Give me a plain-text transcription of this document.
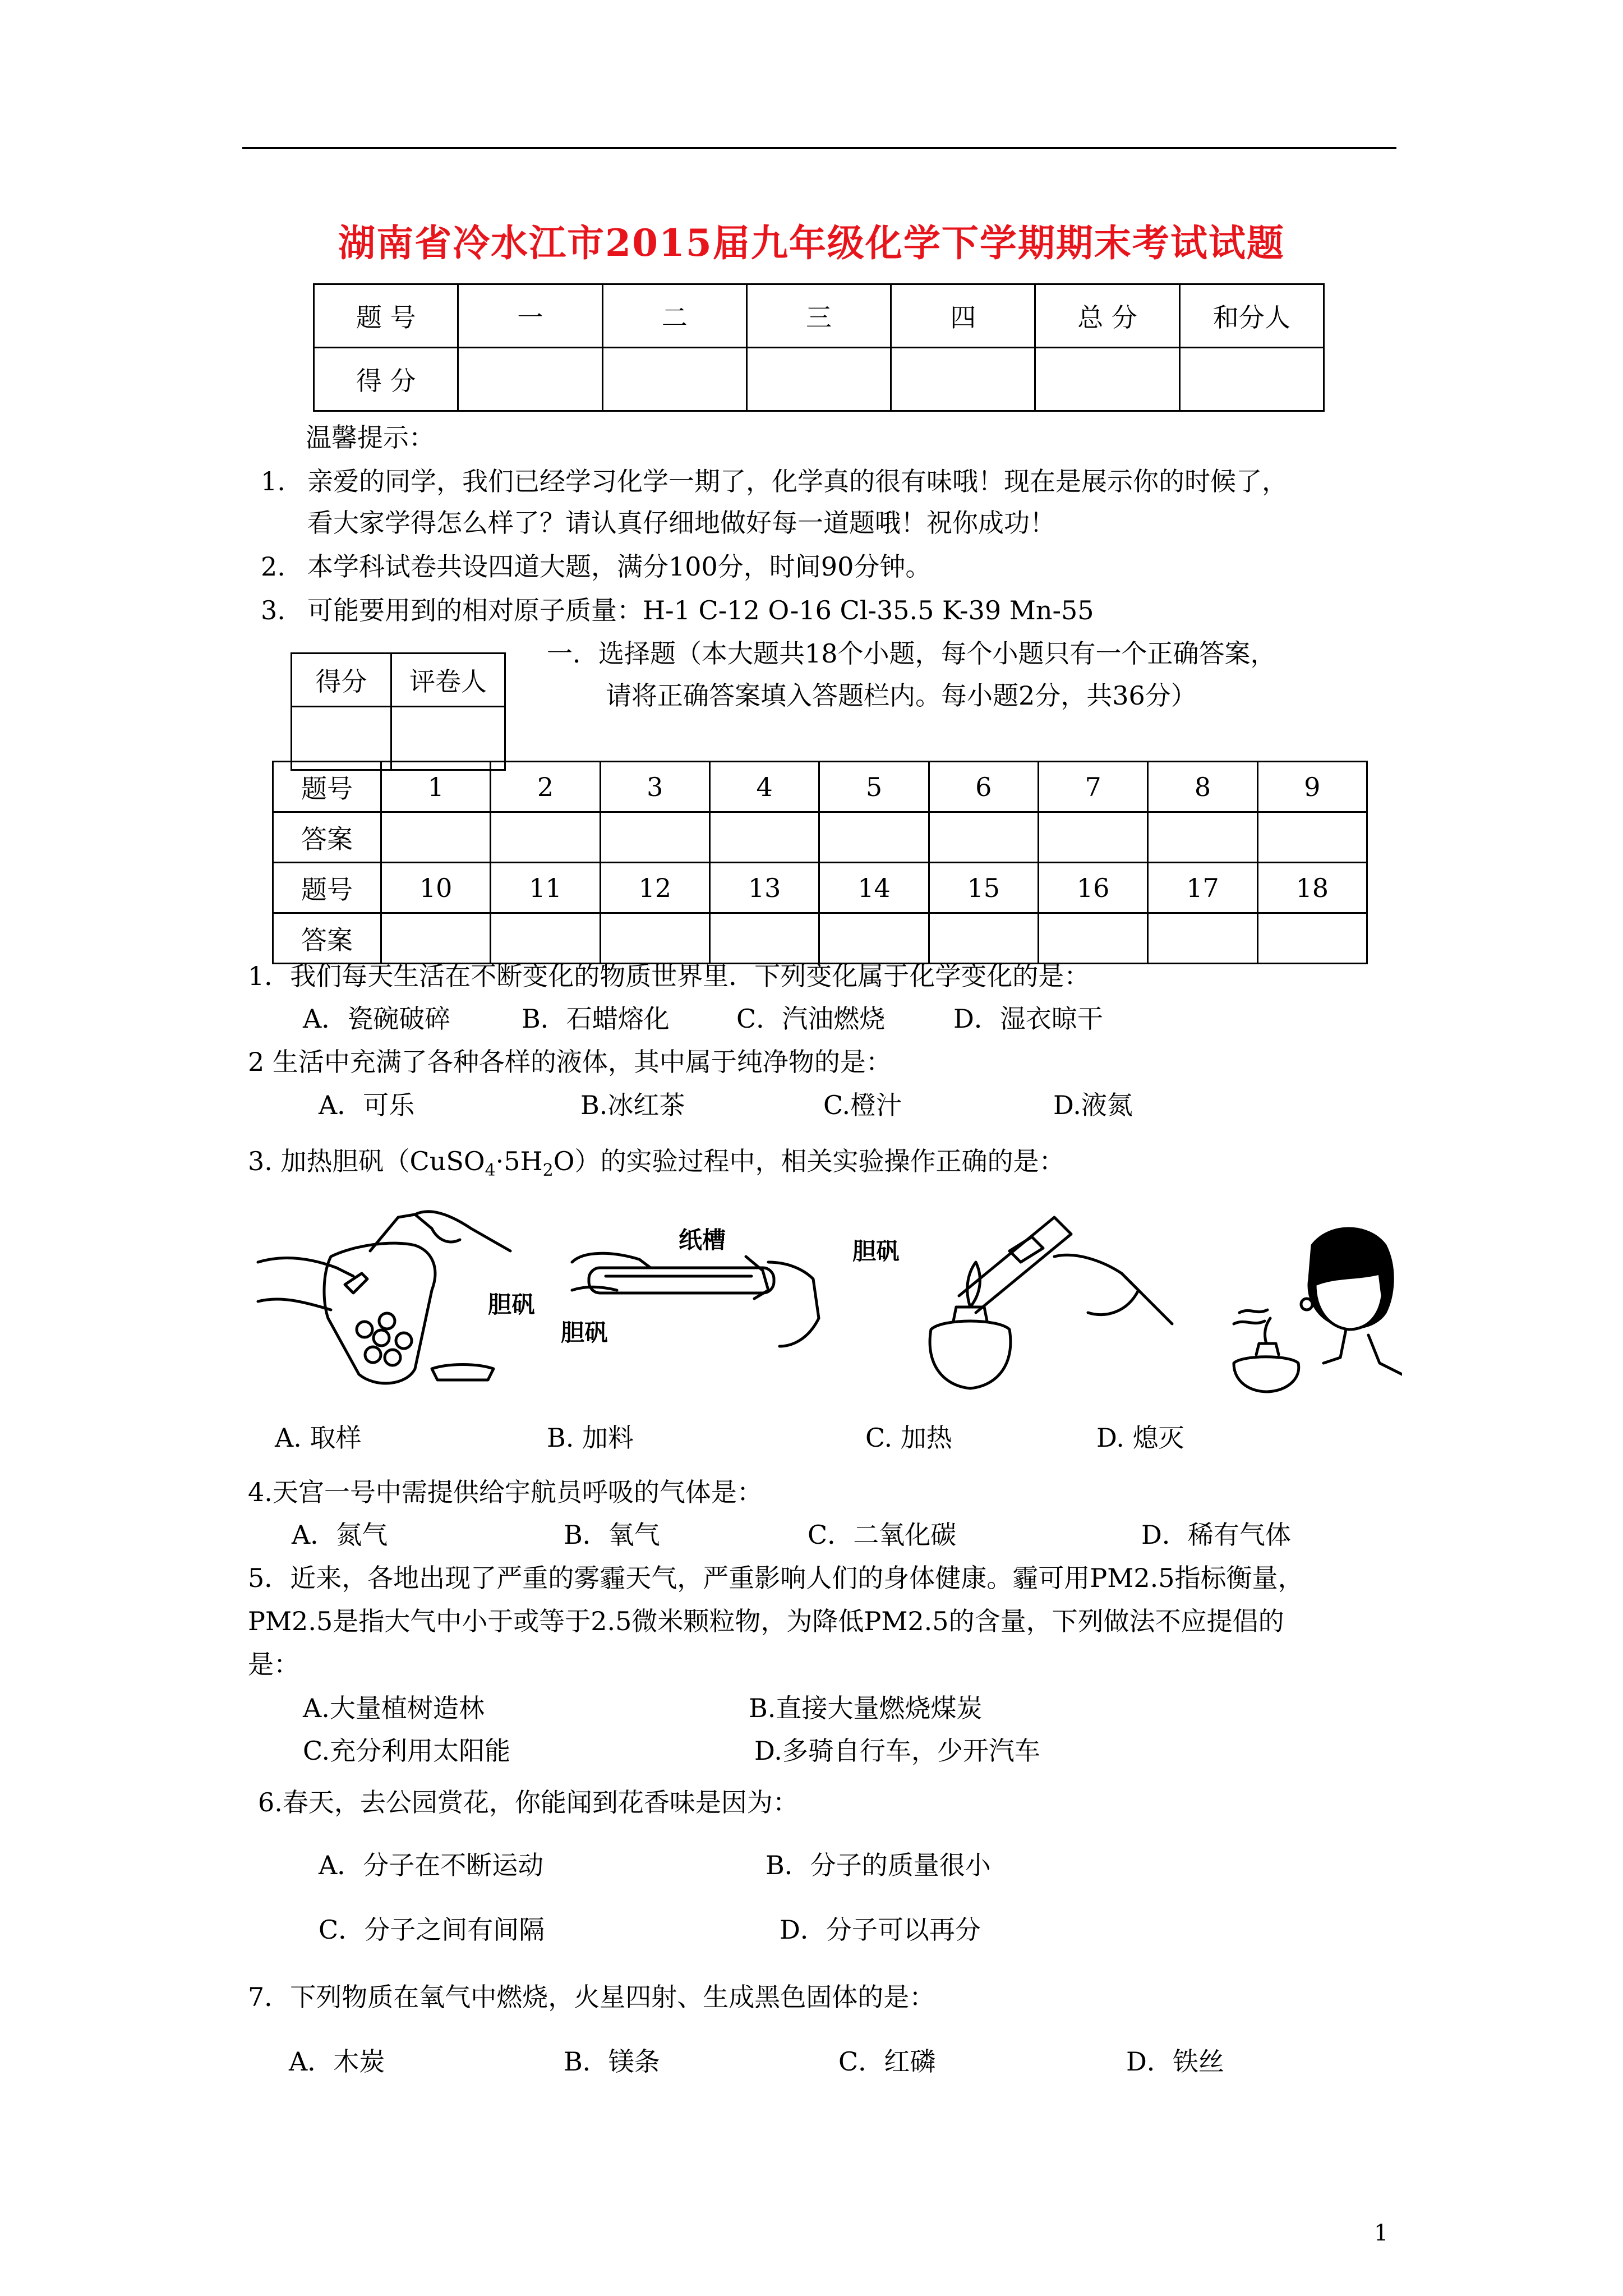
湖南省冷水江市2015届九年级化学下学期期末考试试题
题 号	一	二	三	四	总 分	和分人
得 分						
温馨提示：
1. 亲爱的同学，我们已经学习化学一期了，化学真的很有味哦！现在是展示你的时候了，
看大家学得怎么样了？请认真仔细地做好每一道题哦！祝你成功！
2. 本学科试卷共设四道大题，满分100分，时间90分钟。
3. 可能要用到的相对原子质量：H-1 C-12 O-16 Cl-35.5 K-39 Mn-55
得分	评卷人

一．选择题（本大题共18个小题，每个小题只有一个正确答案，
请将正确答案填入答题栏内。每小题2分，共36分）
题号	1	2	3	4	5	6	7	8	9
答案									
题号	10	11	12	13	14	15	16	17	18
答案									
1．我们每天生活在不断变化的物质世界里．下列变化属于化学变化的是：
A．瓷碗破碎	B．石蜡熔化	C．汽油燃烧	D．湿衣晾干
2 生活中充满了各种各样的液体，其中属于纯净物的是：
A．可乐	B.冰红茶	C.橙汁	D.液氮
3. 加热胆矾$(CuSO_4\cdot 5H_2O)$的实验过程中，相关实验操作正确的是：
胆矾
胆矾
纸槽	胆矾
A. 取样	B. 加料	C. 加热	D. 熄灭
4.天宫一号中需提供给宇航员呼吸的气体是：
A．氮气	B．氧气	C．二氧化碳	D．稀有气体
5．近来，各地出现了严重的雾霾天气，严重影响人们的身体健康。霾可用PM2.5指标衡量，
PM2.5是指大气中小于或等于2.5微米颗粒物，为降低PM2.5的含量，下列做法不应提倡的
是：
A.大量植树造林	B.直接大量燃烧煤炭
C.充分利用太阳能	D.多骑自行车，少开汽车
6.春天，去公园赏花，你能闻到花香味是因为：
A．分子在不断运动	B．分子的质量很小
C．分子之间有间隔	D．分子可以再分
7．下列物质在氧气中燃烧，火星四射、生成黑色固体的是：
A．木炭	B．镁条	C．红磷	D．铁丝
1
